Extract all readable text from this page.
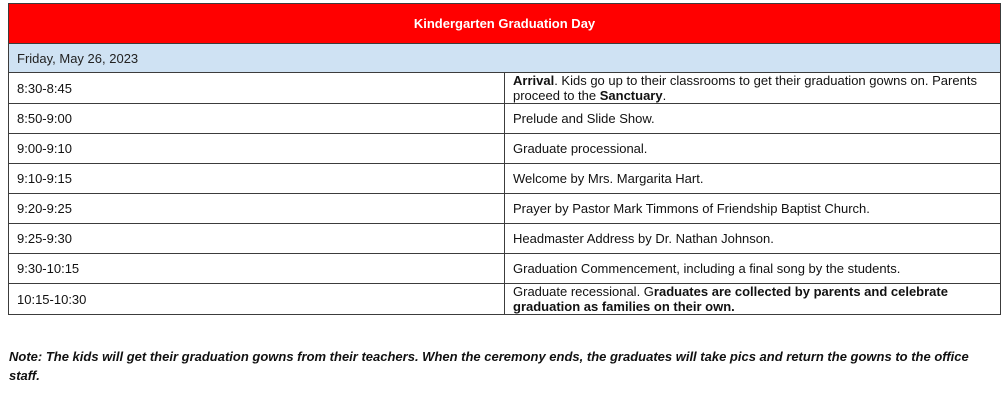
Kindergarten Graduation Day	
Friday, May 26, 2023	
8:30-8:45	Arrival. Kids go up to their classrooms to get their graduation gowns on. Parents proceed to the Sanctuary.
8:50-9:00	Prelude and Slide Show.
9:00-9:10	Graduate processional.
9:10-9:15	Welcome by Mrs. Margarita Hart.
9:20-9:25	Prayer by Pastor Mark Timmons of Friendship Baptist Church.
9:25-9:30	Headmaster Address by Dr. Nathan Johnson.
9:30-10:15	Graduation Commencement, including a final song by the students.
10:15-10:30	Graduate recessional. Graduates are collected by parents and celebrate graduation as families on their own.
Note: The kids will get their graduation gowns from their teachers. When the ceremony ends, the graduates will take pics and return the gowns to the office staff.
